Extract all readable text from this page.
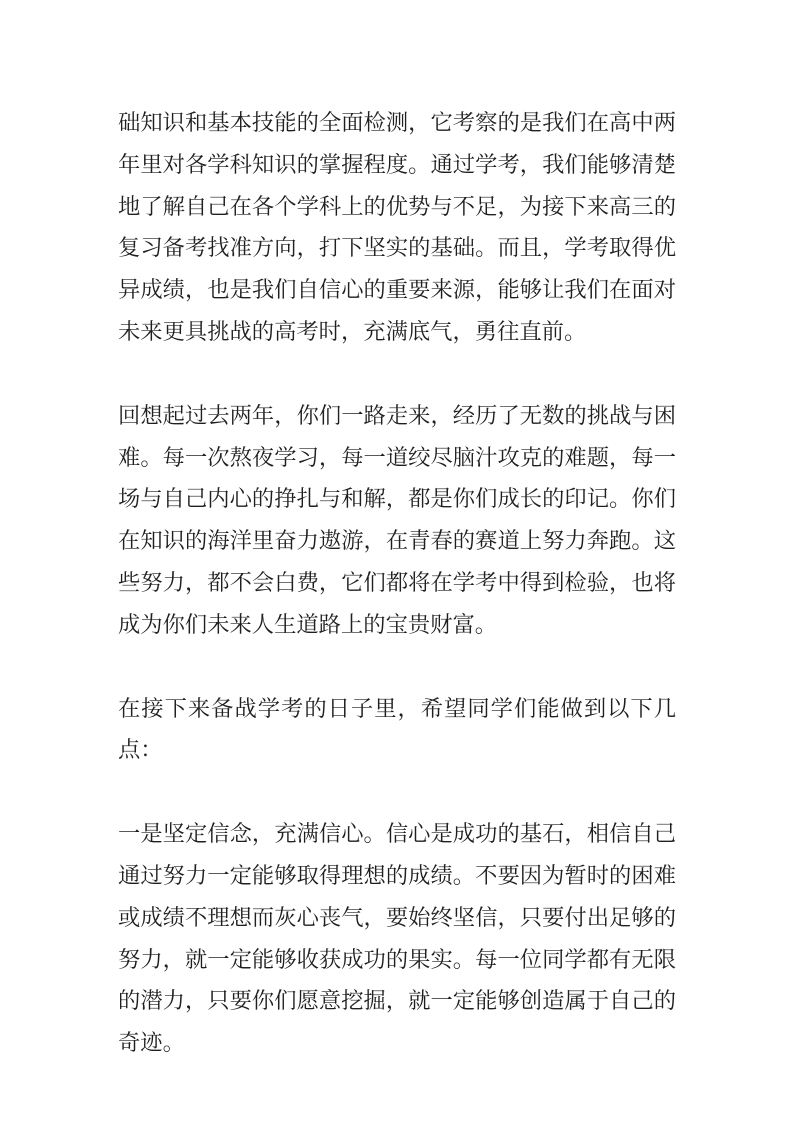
础知识和基本技能的全面检测，它考察的是我们在高中两年里对各学科知识的掌握程度。通过学考，我们能够清楚地了解自己在各个学科上的优势与不足，为接下来高三的复习备考找准方向，打下坚实的基础。而且，学考取得优异成绩，也是我们自信心的重要来源，能够让我们在面对未来更具挑战的高考时，充满底气，勇往直前。

回想起过去两年，你们一路走来，经历了无数的挑战与困难。每一次熬夜学习，每一道绞尽脑汁攻克的难题，每一场与自己内心的挣扎与和解，都是你们成长的印记。你们在知识的海洋里奋力遨游，在青春的赛道上努力奔跑。这些努力，都不会白费，它们都将在学考中得到检验，也将成为你们未来人生道路上的宝贵财富。

在接下来备战学考的日子里，希望同学们能做到以下几点：

一是坚定信念，充满信心。信心是成功的基石，相信自己通过努力一定能够取得理想的成绩。不要因为暂时的困难或成绩不理想而灰心丧气，要始终坚信，只要付出足够的努力，就一定能够收获成功的果实。每一位同学都有无限的潜力，只要你们愿意挖掘，就一定能够创造属于自己的奇迹。
